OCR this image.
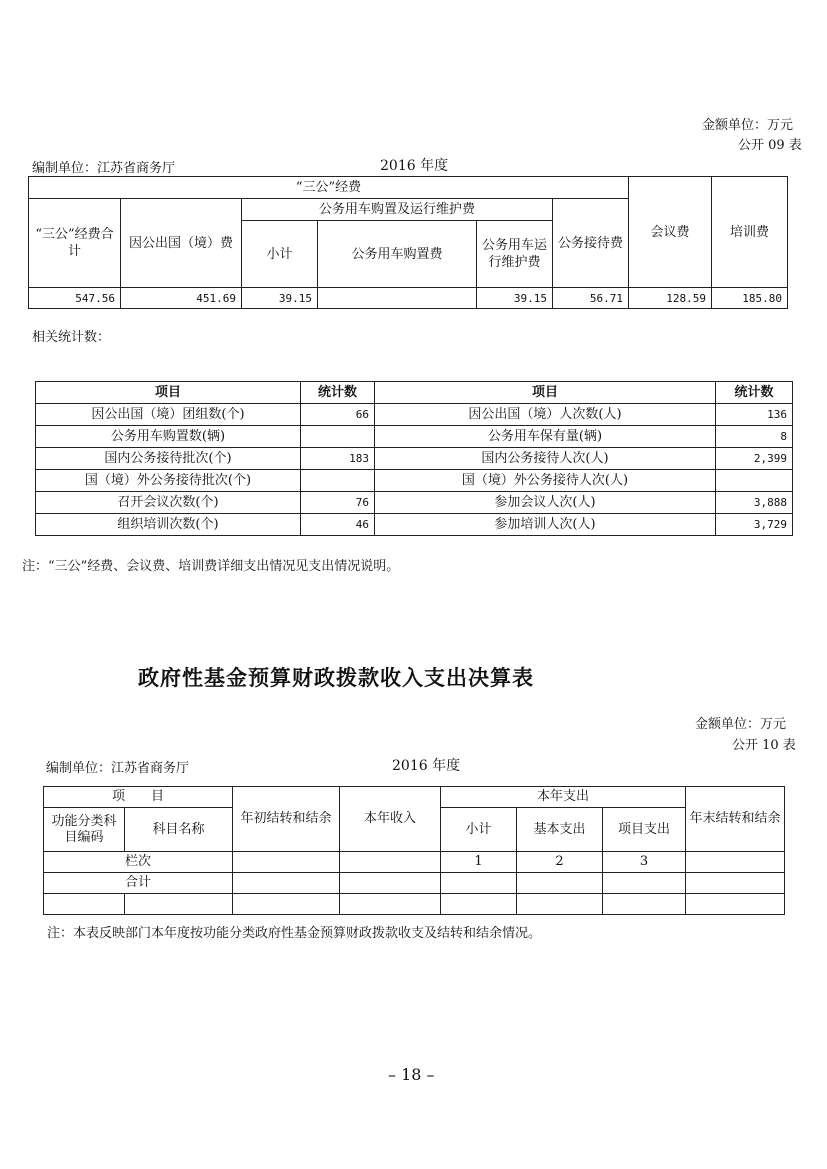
金额单位：万元
公开 09 表
编制单位：江苏省商务厅	2016 年度
“三公”经费						会议费	培训费
“三公”经费合计	因公出国（境）费	公务用车购置及运行维护费			公务接待费		
		小计	公务用车购置费	公务用车运行维护费			
547.56	451.69	39.15		39.15	56.71	128.59	185.80
相关统计数：
项目	统计数	项目	统计数
因公出国（境）团组数(个)	66	因公出国（境）人次数(人)	136
公务用车购置数(辆)		公务用车保有量(辆)	8
国内公务接待批次(个)	183	国内公务接待人次(人)	2,399
国（境）外公务接待批次(个)		国（境）外公务接待人次(人)	
召开会议次数(个)	76	参加会议人次(人)	3,888
组织培训次数(个)	46	参加培训人次(人)	3,729
注：“三公”经费、会议费、培训费详细支出情况见支出情况说明。
政府性基金预算财政拨款收入支出决算表
金额单位：万元
公开 10 表
编制单位：江苏省商务厅	2016 年度
项　　目		年初结转和结余	本年收入	本年支出			年末结转和结余
功能分类科目编码	科目名称			小计	基本支出	项目支出	
栏次				1	2	3	
合计							

注：本表反映部门本年度按功能分类政府性基金预算财政拨款收支及结转和结余情况。
– 18 –
